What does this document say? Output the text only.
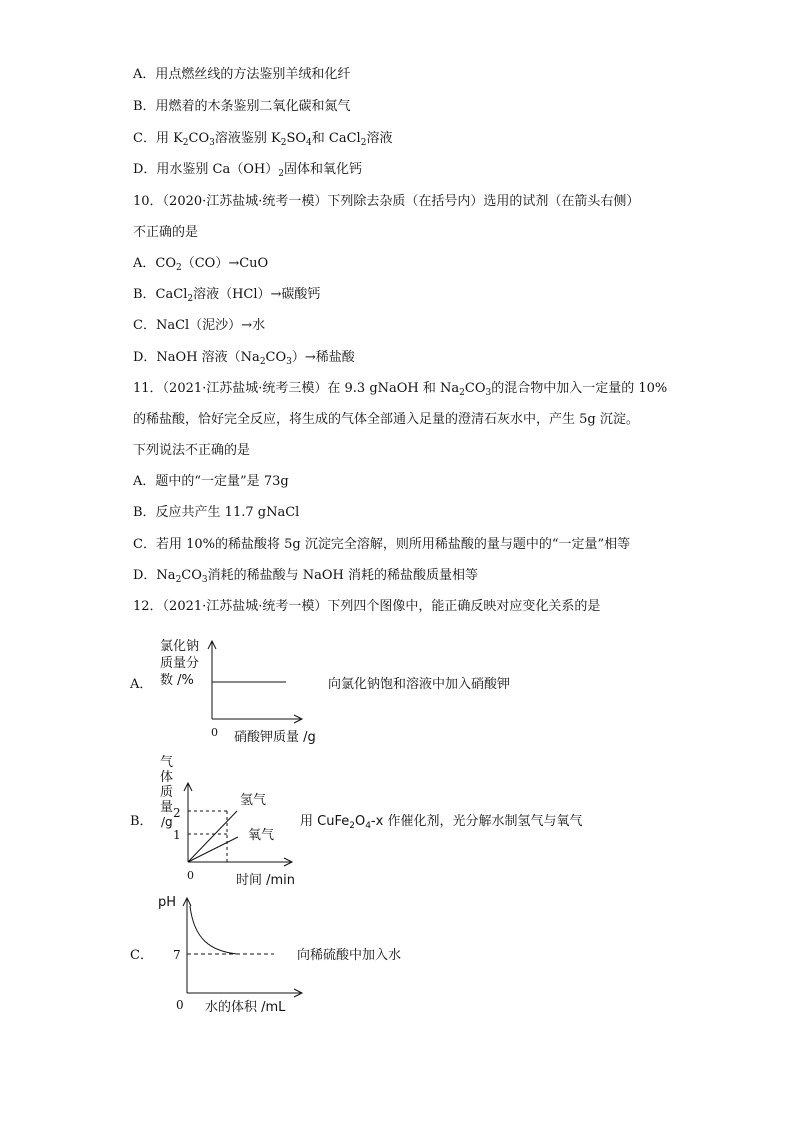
A．用点燃丝线的方法鉴别羊绒和化纤
B．用燃着的木条鉴别二氧化碳和氮气
C．用 $K_2CO_3$溶液鉴别 $K_2SO_4$和 CaCl$_2$溶液
D．用水鉴别 $Ca(OH)_2$固体和氧化钙
10．（2020·江苏盐城·统考一模）下列除去杂质（在括号内）选用的试剂（在箭头右侧）
不正确的是
A．$CO_2(CO)\to CuO$
B．CaCl$_2$溶液（HCl）→碳酸钙
C．NaCl（泥沙）→水
D．NaOH 溶液$(Na_2CO_3)\to$稀盐酸
11．（2021·江苏盐城·统考三模）在 9.3 gNaOH 和 $Na_2CO_3$的混合物中加入一定量的 10%
的稀盐酸，恰好完全反应，将生成的气体全部通入足量的澄清石灰水中，产生 5g 沉淀。
下列说法不正确的是
A．题中的“一定量”是 73g
B．反应共产生 11.7 gNaCl
C．若用 10%的稀盐酸将 5g 沉淀完全溶解，则所用稀盐酸的量与题中的“一定量”相等
D．$Na_2CO_3$消耗的稀盐酸与 NaOH 消耗的稀盐酸质量相等
12．（2021·江苏盐城·统考一模）下列四个图像中，能正确反映对应变化关系的是
A．
氯化钠
质量分
数 /%
0 硝酸钾质量 /g
向氯化钠饱和溶液中加入硝酸钾
B．
气
体
质
量
/g
2
1
氢气
氧气
0	时间 /min
用 $CuFe_2O_4-x$ 作催化剂，光分解水制氢气与氧气
C．
pH
7
0 水的体积 /mL
向稀硫酸中加入水
